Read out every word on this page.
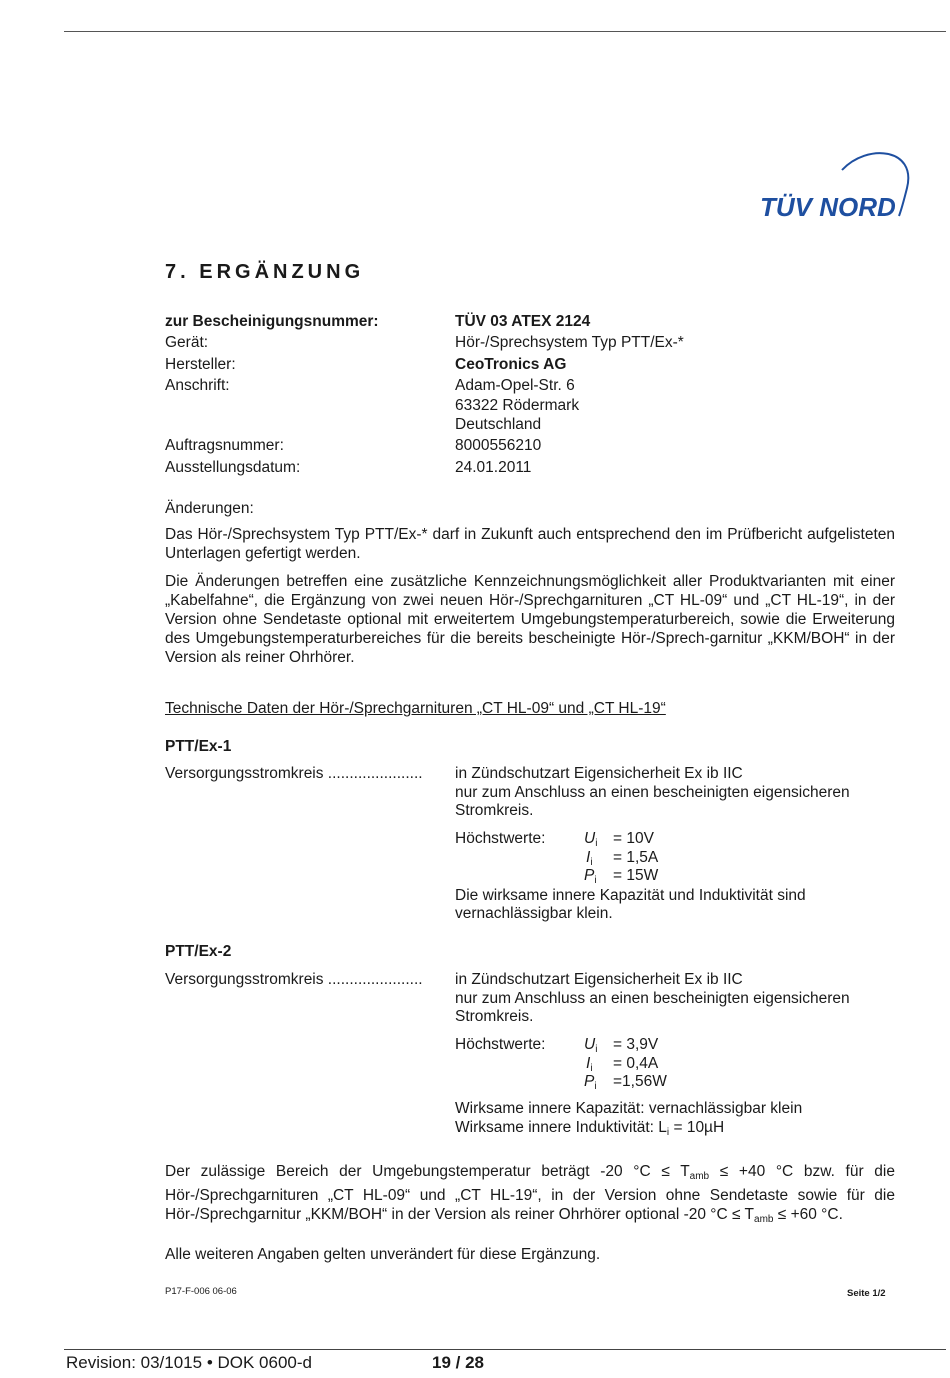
TÜV NORD
7. ERGÄNZUNG
zur Bescheinigungsnummer:	TÜV 03 ATEX 2124
Gerät:	Hör-/Sprechsystem Typ PTT/Ex-*
Hersteller:	CeoTronics AG
Anschrift:	Adam-Opel-Str. 6
63322 Rödermark
Deutschland
Auftragsnummer:	8000556210
Ausstellungsdatum:	24.01.2011
Änderungen:
Das Hör-/Sprechsystem Typ PTT/Ex-* darf in Zukunft auch entsprechend den im Prüfbericht aufgelisteten Unterlagen gefertigt werden.
Die Änderungen betreffen eine zusätzliche Kennzeichnungsmöglichkeit aller Produktvarianten mit einer „Kabelfahne“, die Ergänzung von zwei neuen Hör-/Sprechgarnituren „CT HL-09“ und „CT HL-19“, in der Version ohne Sendetaste optional mit erweitertem Umgebungstemperaturbereich, sowie die Erweiterung des Umgebungstemperaturbereiches für die bereits bescheinigte Hör-/Sprech-garnitur „KKM/BOH“ in der Version als reiner Ohrhörer.
Technische Daten der Hör-/Sprechgarnituren „CT HL-09“ und „CT HL-19“
PTT/Ex-1
Versorgungsstromkreis ...................... in Zündschutzart Eigensicherheit Ex ib IIC
nur zum Anschluss an einen bescheinigten eigensicheren
Stromkreis.
Höchstwerte: $U_i = 10V$
$I_i = 1,5A$
$P_i = 15W$
Die wirksame innere Kapazität und Induktivität sind
vernachlässigbar klein.
PTT/Ex-2
Versorgungsstromkreis ...................... in Zündschutzart Eigensicherheit Ex ib IIC
nur zum Anschluss an einen bescheinigten eigensicheren
Stromkreis.
Höchstwerte: $U_i = 3,9V$
$I_i = 0,4A$
$P_i =1,56W$
Wirksame innere Kapazität: vernachlässigbar klein
Wirksame innere Induktivität: $L_i = 10\mu H$
Der zulässige Bereich der Umgebungstemperatur beträgt -20 $^\circ C \le T_{amb} \le +40$ °C bzw. für die Hör-/Sprechgarnituren „CT HL-09“ und „CT HL-19“, in der Version ohne Sendetaste sowie für die Hör-/Sprechgarnitur „KKM/BOH“ in der Version als reiner Ohrhörer optional -20 $^\circ C \le T_{amb} \le +60$ °C.
Alle weiteren Angaben gelten unverändert für diese Ergänzung.
P17-F-006 06-06	Seite 1/2
Revision: 03/1015 • DOK 0600-d	19 / 28
